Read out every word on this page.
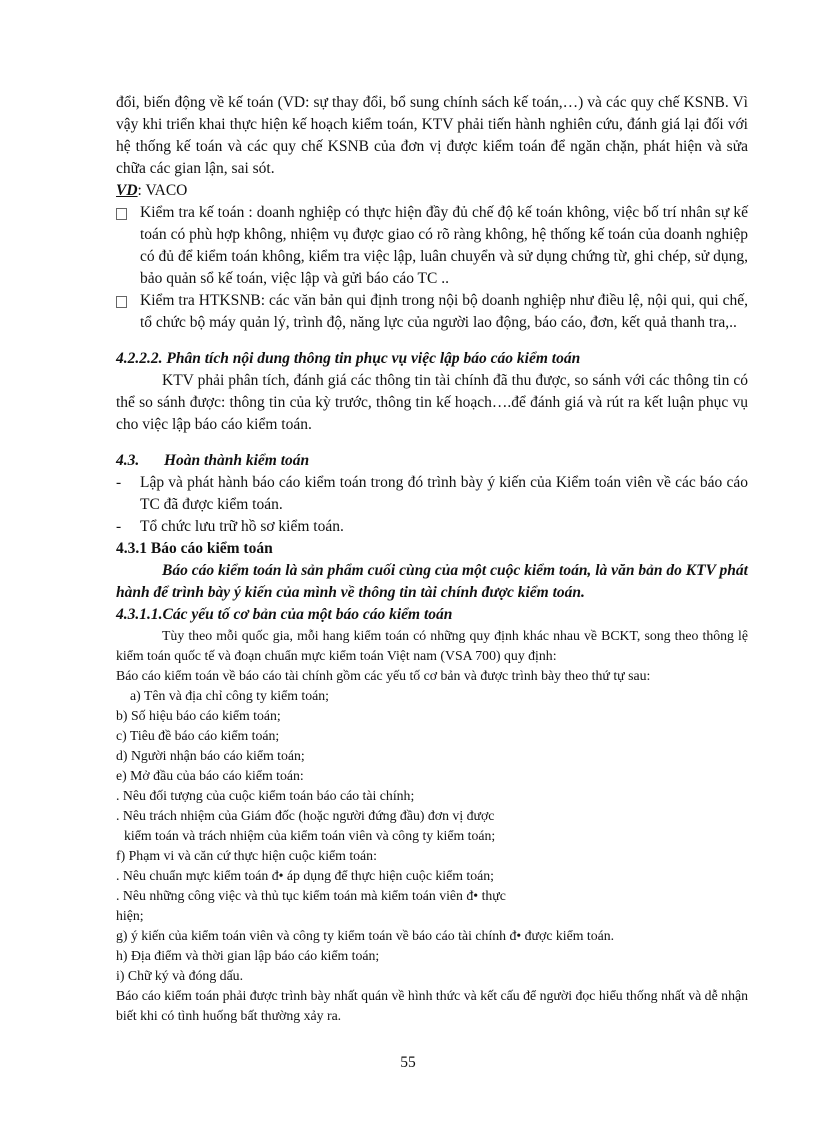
đổi, biến động về kế toán (VD: sự thay đổi, bổ sung chính sách kế toán,…) và các quy chế KSNB. Vì vậy khi triển khai thực hiện kế hoạch kiểm toán, KTV phải tiến hành nghiên cứu, đánh giá lại đối với hệ thống kế toán và các quy chế KSNB của đơn vị được kiểm toán để ngăn chặn, phát hiện và sửa chữa các gian lận, sai sót.

VD: VACO

Kiểm tra kế toán : doanh nghiệp có thực hiện đầy đủ chế độ kế toán không, việc bố trí nhân sự kế toán có phù hợp không, nhiệm vụ được giao có rõ ràng không, hệ thống kế toán của doanh nghiệp có đủ để kiểm toán không, kiểm tra việc lập, luân chuyển và sử dụng chứng từ, ghi chép, sử dụng, bảo quản sổ kế toán, việc lập và gửi báo cáo TC ..
Kiểm tra HTKSNB: các văn bản qui định trong nội bộ doanh nghiệp như điều lệ, nội qui, qui chế, tổ chức bộ máy quản lý, trình độ, năng lực của người lao động, báo cáo, đơn, kết quả thanh tra,..

4.2.2.2. Phân tích nội dung thông tin phục vụ việc lập báo cáo kiểm toán

KTV phải phân tích, đánh giá các thông tin tài chính đã thu được, so sánh với các thông tin có thể so sánh được: thông tin của kỳ trước, thông tin kế hoạch….để đánh giá và rút ra kết luận phục vụ cho việc lập báo cáo kiểm toán.

4.3.	Hoàn thành kiểm toán
-	Lập và phát hành báo cáo kiểm toán trong đó trình bày ý kiến của Kiểm toán viên về các báo cáo TC đã được kiểm toán.
-	Tổ chức lưu trữ hồ sơ kiểm toán.

4.3.1 Báo cáo kiểm toán

Báo cáo kiểm toán là sản phẩm cuối cùng của một cuộc kiểm toán, là văn bản do KTV phát hành để trình bày ý kiến của mình về thông tin tài chính được kiểm toán.

4.3.1.1.Các yếu tố cơ bản của một báo cáo kiểm toán

Tùy theo mỗi quốc gia, mỗi hang kiểm toán có những quy định khác nhau về BCKT, song theo thông lệ kiểm toán quốc tế và đoạn chuẩn mực kiểm toán Việt nam (VSA 700) quy định:

Báo cáo kiểm toán về báo cáo tài chính gồm các yếu tố cơ bản và được trình bày theo thứ tự sau:

a) Tên và địa chỉ công ty kiểm toán;

b) Số hiệu báo cáo kiểm toán;

c) Tiêu đề báo cáo kiểm toán;

d) Người nhận báo cáo kiểm toán;

e) Mở đầu của báo cáo kiểm toán:

. Nêu đối tượng của cuộc kiểm toán báo cáo tài chính;

. Nêu trách nhiệm của Giám đốc (hoặc người đứng đầu) đơn vị được

kiểm toán và trách nhiệm của kiểm toán viên và công ty kiểm toán;

f) Phạm vi và căn cứ thực hiện cuộc kiểm toán:

. Nêu chuẩn mực kiểm toán đ• áp dụng để thực hiện cuộc kiểm toán;

. Nêu những công việc và thủ tục kiểm toán mà kiểm toán viên đ• thực

hiện;

g) ý kiến của kiểm toán viên và công ty kiểm toán về báo cáo tài chính đ• được kiểm toán.

h) Địa điểm và thời gian lập báo cáo kiểm toán;

i) Chữ ký và đóng dấu.

Báo cáo kiểm toán phải được trình bày nhất quán về hình thức và kết cấu để người đọc hiểu thống nhất và dễ nhận biết khi có tình huống bất thường xảy ra.

55
